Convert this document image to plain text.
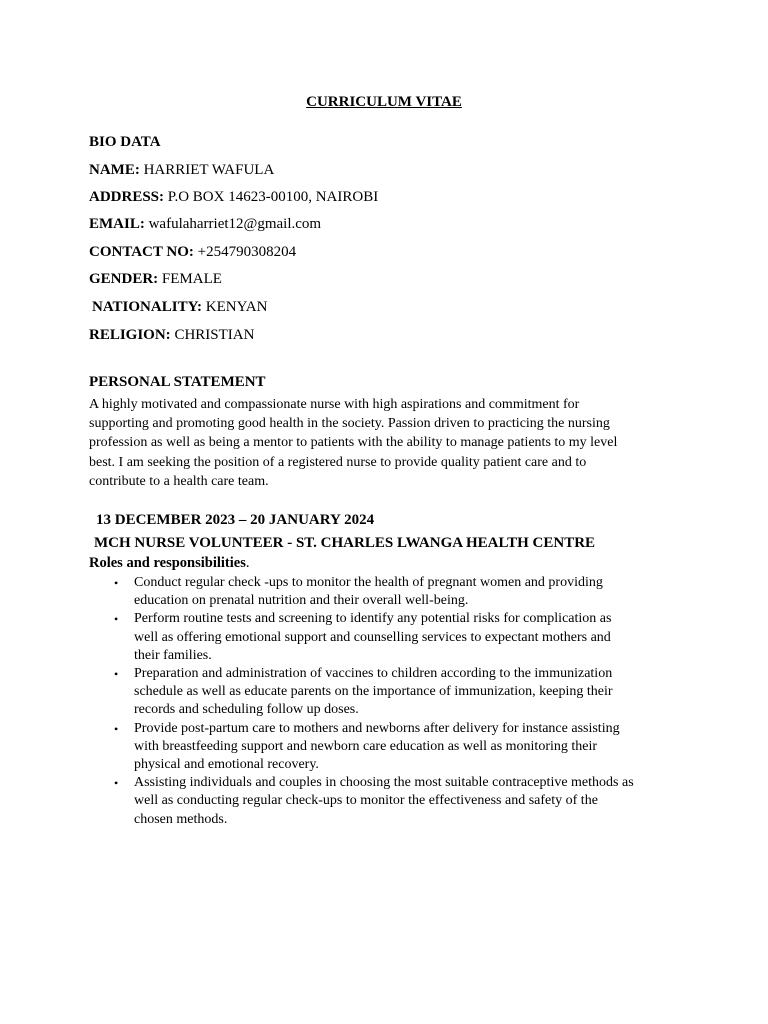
CURRICULUM VITAE
BIO DATA
NAME: HARRIET WAFULA
ADDRESS: P.O BOX 14623-00100, NAIROBI
EMAIL: wafulaharriet12@gmail.com
CONTACT NO: +254790308204
GENDER: FEMALE
NATIONALITY: KENYAN
RELIGION: CHRISTIAN
PERSONAL STATEMENT
A highly motivated and compassionate nurse with high aspirations and commitment for
supporting and promoting good health in the society. Passion driven to practicing the nursing
profession as well as being a mentor to patients with the ability to manage patients to my level
best. I am seeking the position of a registered nurse to provide quality patient care and to
contribute to a health care team.
13 DECEMBER 2023 – 20 JANUARY 2024
MCH NURSE VOLUNTEER - ST. CHARLES LWANGA HEALTH CENTRE
Roles and responsibilities.
• Conduct regular check -ups to monitor the health of pregnant women and providing
education on prenatal nutrition and their overall well-being.
• Perform routine tests and screening to identify any potential risks for complication as
well as offering emotional support and counselling services to expectant mothers and
their families.
• Preparation and administration of vaccines to children according to the immunization
schedule as well as educate parents on the importance of immunization, keeping their
records and scheduling follow up doses.
• Provide post-partum care to mothers and newborns after delivery for instance assisting
with breastfeeding support and newborn care education as well as monitoring their
physical and emotional recovery.
• Assisting individuals and couples in choosing the most suitable contraceptive methods as
well as conducting regular check-ups to monitor the effectiveness and safety of the
chosen methods.
